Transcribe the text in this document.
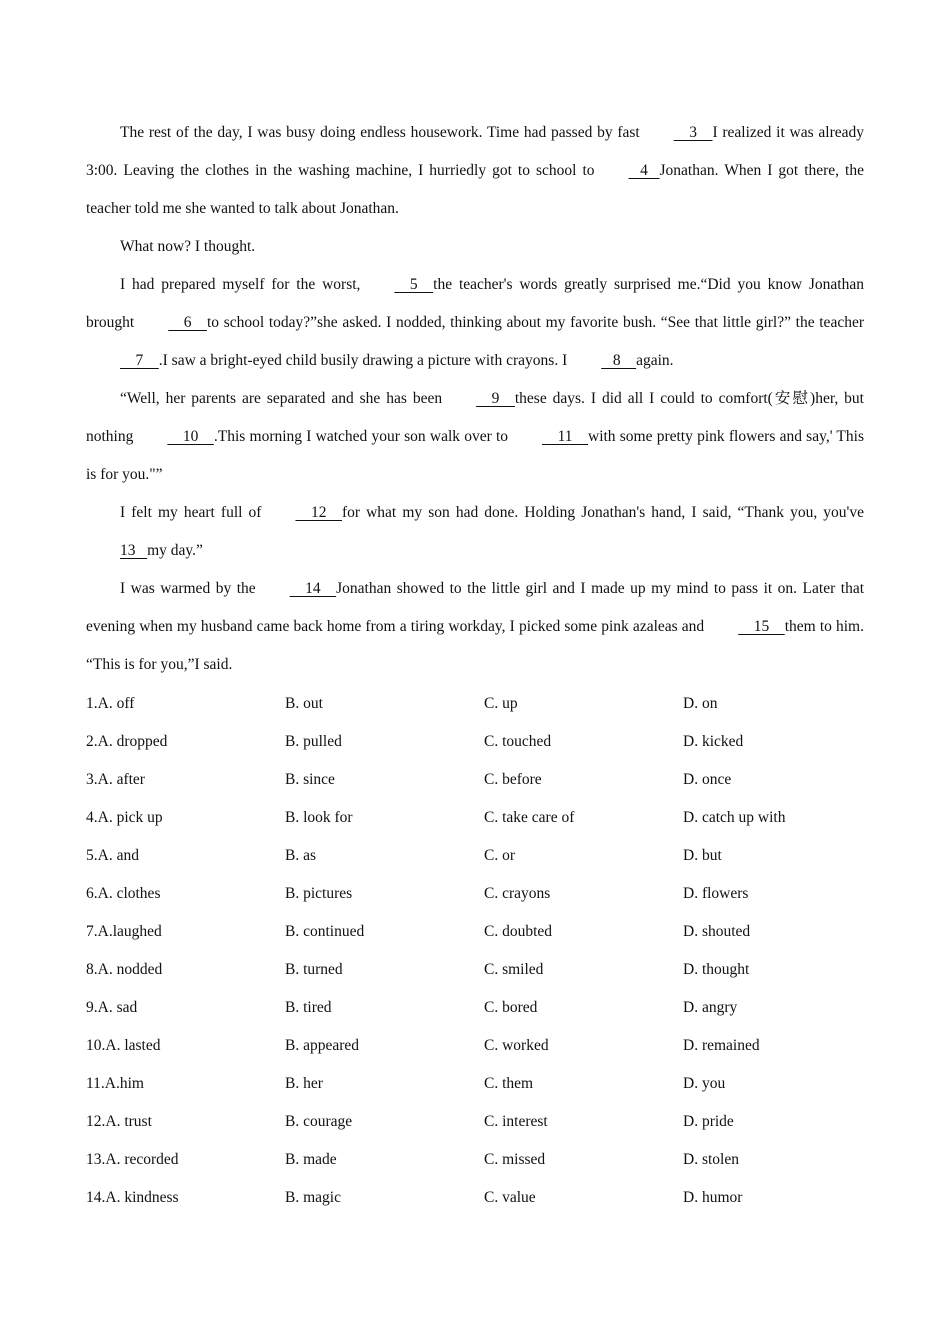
The rest of the day, I was busy doing endless housework. Time had passed by fast    3    I realized it was already 3:00. Leaving the clothes in the washing machine, I hurriedly got to school to   4   Jonathan. When I got there, the teacher told me she wanted to talk about Jonathan.

What now? I thought.

I had prepared myself for the worst,    5    the teacher's words greatly surprised me.“Did you know Jonathan brought    6    to school today?”she asked. I nodded, thinking about my favorite bush. “See that little girl?” the teacher    7    .I saw a bright-eyed child busily drawing a picture with crayons. I   8    again.

“Well, her parents are separated and she has been    9    these days. I did all I could to comfort(安慰)her, but nothing    10    .This morning I watched your son walk over to    11    with some pretty pink flowers and say,' This is for you."”

I felt my heart full of    12    for what my son had done. Holding Jonathan's hand, I said, “Thank you, you've 13   my day.”

I was warmed by the    14    Jonathan showed to the little girl and I made up my mind to pass it on. Later that evening when my husband came back home from a tiring workday, I picked some pink azaleas and    15    them to him. “This is for you,”I said.

1.A. off	B. out	C. up	D. on
2.A. dropped	B. pulled	C. touched	D. kicked
3.A. after	B. since	C. before	D. once
4.A. pick up	B. look for	C. take care of	D. catch up with
5.A. and	B. as	C. or	D. but
6.A. clothes	B. pictures	C. crayons	D. flowers
7.A.laughed	B. continued	C. doubted	D. shouted
8.A. nodded	B. turned	C. smiled	D. thought
9.A. sad	B. tired	C. bored	D. angry
10.A. lasted	B. appeared	C. worked	D. remained
11.A.him	B. her	C. them	D. you
12.A. trust	B. courage	C. interest	D. pride
13.A. recorded	B. made	C. missed	D. stolen
14.A. kindness	B. magic	C. value	D. humor
